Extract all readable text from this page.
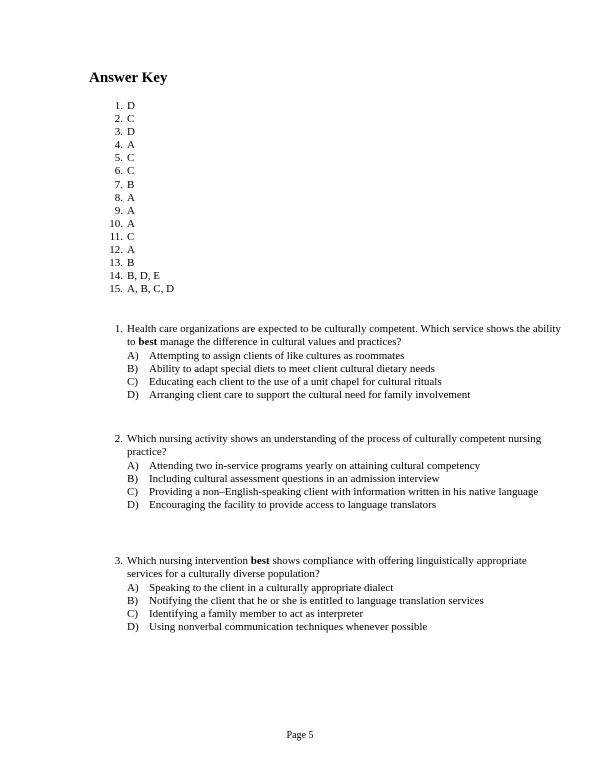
Answer Key
1. D
2. C
3. D
4. A
5. C
6. C
7. B
8. A
9. A
10. A
11. C
12. A
13. B
14. B, D, E
15. A, B, C, D
1. Health care organizations are expected to be culturally competent. Which service shows the ability to best manage the difference in cultural values and practices?
A) Attempting to assign clients of like cultures as roommates
B)	Ability to adapt special diets to meet client cultural dietary needs
C)	Educating each client to the use of a unit chapel for cultural rituals
D) Arranging client care to support the cultural need for family involvement
2. Which nursing activity shows an understanding of the process of culturally competent nursing practice?
A) Attending two in-service programs yearly on attaining cultural competency
B)	Including cultural assessment questions in an admission interview
C)	Providing a non–English-speaking client with information written in his native language
D) Encouraging the facility to provide access to language translators
3. Which nursing intervention best shows compliance with offering linguistically appropriate services for a culturally diverse population?
A) Speaking to the client in a culturally appropriate dialect
B)	Notifying the client that he or she is entitled to language translation services
C)	Identifying a family member to act as interpreter
D) Using nonverbal communication techniques whenever possible
Page 5
